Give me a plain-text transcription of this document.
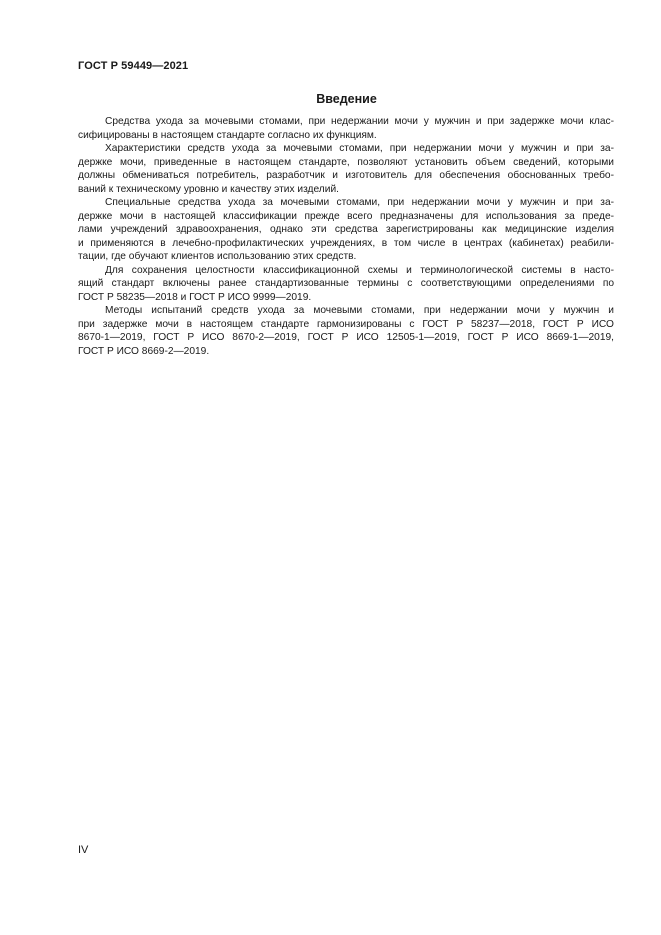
ГОСТ Р 59449—2021
Введение
Средства ухода за мочевыми стомами, при недержании мочи у мужчин и при задержке мочи клас-
сифицированы в настоящем стандарте согласно их функциям.
Характеристики средств ухода за мочевыми стомами, при недержании мочи у мужчин и при за-
держке мочи, приведенные в настоящем стандарте, позволяют установить объем сведений, которыми
должны обмениваться потребитель, разработчик и изготовитель для обеспечения обоснованных требо-
ваний к техническому уровню и качеству этих изделий.
Специальные средства ухода за мочевыми стомами, при недержании мочи у мужчин и при за-
держке мочи в настоящей классификации прежде всего предназначены для использования за преде-
лами учреждений здравоохранения, однако эти средства зарегистрированы как медицинские изделия
и применяются в лечебно-профилактических учреждениях, в том числе в центрах (кабинетах) реабили-
тации, где обучают клиентов использованию этих средств.
Для сохранения целостности классификационной схемы и терминологической системы в насто-
ящий стандарт включены ранее стандартизованные термины с соответствующими определениями по
ГОСТ Р 58235—2018 и ГОСТ Р ИСО 9999—2019.
Методы испытаний средств ухода за мочевыми стомами, при недержании мочи у мужчин и
при задержке мочи в настоящем стандарте гармонизированы с ГОСТ Р 58237—2018, ГОСТ Р ИСО
8670-1—2019, ГОСТ Р ИСО 8670-2—2019, ГОСТ Р ИСО 12505-1—2019, ГОСТ Р ИСО 8669-1—2019,
ГОСТ Р ИСО 8669-2—2019.
IV
